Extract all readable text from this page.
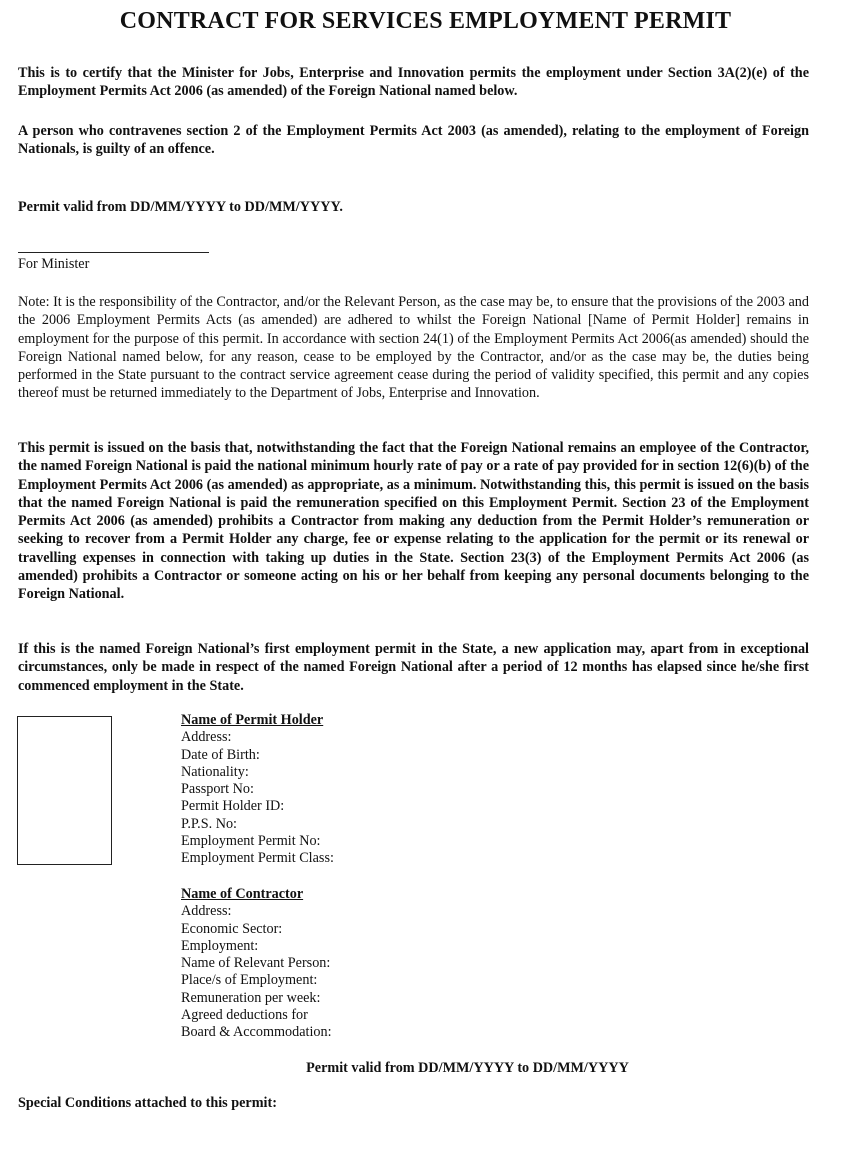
CONTRACT FOR SERVICES EMPLOYMENT PERMIT

This is to certify that the Minister for Jobs, Enterprise and Innovation permits the employment under Section 3A(2)(e) of the Employment Permits Act 2006 (as amended) of the Foreign National named below.

A person who contravenes section 2 of the Employment Permits Act 2003 (as amended), relating to the employment of Foreign Nationals, is guilty of an offence.

Permit valid from DD/MM/YYYY to DD/MM/YYYY.

For Minister

Note: It is the responsibility of the Contractor, and/or the Relevant Person, as the case may be, to ensure that the provisions of the 2003 and the 2006 Employment Permits Acts (as amended) are adhered to whilst the Foreign National [Name of Permit Holder] remains in employment for the purpose of this permit. In accordance with section 24(1) of the Employment Permits Act 2006(as amended) should the Foreign National named below, for any reason, cease to be employed by the Contractor, and/or as the case may be, the duties being performed in the State pursuant to the contract service agreement cease during the period of validity specified, this permit and any copies thereof must be returned immediately to the Department of Jobs, Enterprise and Innovation.

This permit is issued on the basis that, notwithstanding the fact that the Foreign National remains an employee of the Contractor, the named Foreign National is paid the national minimum hourly rate of pay or a rate of pay provided for in section 12(6)(b) of the Employment Permits Act 2006 (as amended) as appropriate, as a minimum. Notwithstanding this, this permit is issued on the basis that the named Foreign National is paid the remuneration specified on this Employment Permit. Section 23 of the Employment Permits Act 2006 (as amended) prohibits a Contractor from making any deduction from the Permit Holder’s remuneration or seeking to recover from a Permit Holder any charge, fee or expense relating to the application for the permit or its renewal or travelling expenses in connection with taking up duties in the State. Section 23(3) of the Employment Permits Act 2006 (as amended) prohibits a Contractor or someone acting on his or her behalf from keeping any personal documents belonging to the Foreign National.

If this is the named Foreign National’s first employment permit in the State, a new application may, apart from in exceptional circumstances, only be made in respect of the named Foreign National after a period of 12 months has elapsed since he/she first commenced employment in the State.

Name of Permit Holder
Address:
Date of Birth:
Nationality:
Passport No:
Permit Holder ID:
P.P.S. No:
Employment Permit No:
Employment Permit Class:
Name of Contractor
Address:
Economic Sector:
Employment:
Name of Relevant Person:
Place/s of Employment:
Remuneration per week:
Agreed deductions for
Board & Accommodation:
Permit valid from DD/MM/YYYY to DD/MM/YYYY
Special Conditions attached to this permit:
